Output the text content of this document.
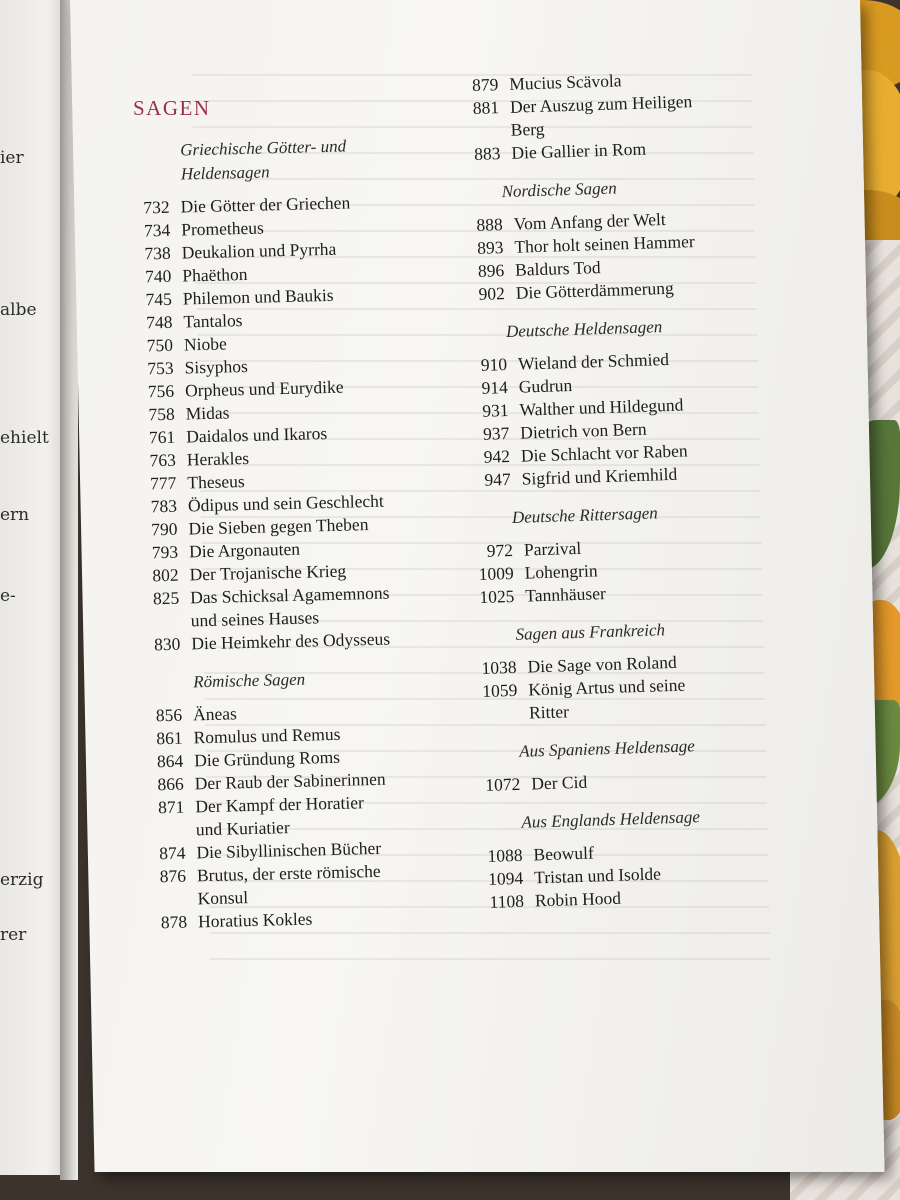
ier
albe
ehielt
ern
e-
erzig
rer
SAGEN
Griechische Götter- und Heldensagen
732 Die Götter der Griechen
734 Prometheus
738 Deukalion und Pyrrha
740 Phaëthon
745 Philemon und Baukis
748 Tantalos
750 Niobe
753 Sisyphos
756 Orpheus und Eurydike
758 Midas
761 Daidalos und Ikaros
763 Herakles
777 Theseus
783 Ödipus und sein Geschlecht
790 Die Sieben gegen Theben
793 Die Argonauten
802 Der Trojanische Krieg
825 Das Schicksal Agamemnons
und seines Hauses
830 Die Heimkehr des Odysseus
Römische Sagen
856 Äneas
861 Romulus und Remus
864 Die Gründung Roms
866 Der Raub der Sabinerinnen
871 Der Kampf der Horatier
und Kuriatier
874 Die Sibyllinischen Bücher
876 Brutus, der erste römische
Konsul
878 Horatius Kokles
879 Mucius Scävola
881 Der Auszug zum Heiligen
Berg
883 Die Gallier in Rom
Nordische Sagen
888 Vom Anfang der Welt
893 Thor holt seinen Hammer
896 Baldurs Tod
902 Die Götterdämmerung
Deutsche Heldensagen
910 Wieland der Schmied
914 Gudrun
931 Walther und Hildegund
937 Dietrich von Bern
942 Die Schlacht vor Raben
947 Sigfrid und Kriemhild
Deutsche Rittersagen
972 Parzival
1009 Lohengrin
1025 Tannhäuser
Sagen aus Frankreich
1038 Die Sage von Roland
1059 König Artus und seine
Ritter
Aus Spaniens Heldensage
1072 Der Cid
Aus Englands Heldensage
1088 Beowulf
1094 Tristan und Isolde
1108 Robin Hood
